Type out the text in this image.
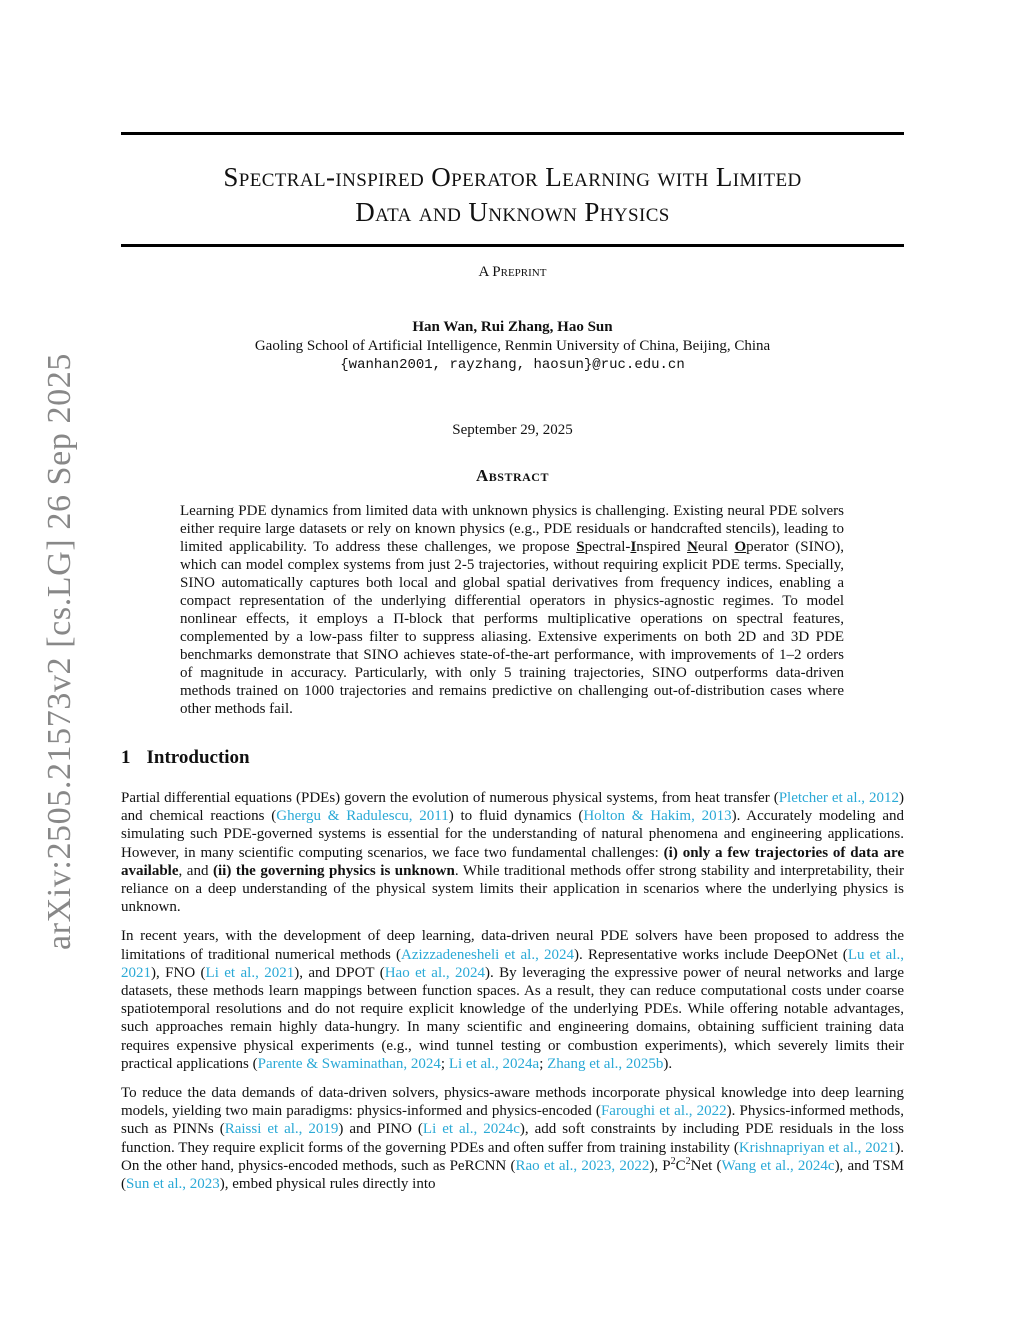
arXiv:2505.21573v2 [cs.LG] 26 Sep 2025
Spectral-inspired Operator Learning with Limited
Data and Unknown Physics
A Preprint
Han Wan, Rui Zhang, Hao Sun
Gaoling School of Artificial Intelligence, Renmin University of China, Beijing, China
{wanhan2001, rayzhang, haosun}@ruc.edu.cn
September 29, 2025
Abstract
Learning PDE dynamics from limited data with unknown physics is challenging. Existing neural PDE solvers either require large datasets or rely on known physics (e.g., PDE residuals or handcrafted stencils), leading to limited applicability. To address these challenges, we propose Spectral-Inspired Neural Operator (SINO), which can model complex systems from just 2-5 trajectories, without requiring explicit PDE terms. Specially, SINO automatically captures both local and global spatial derivatives from frequency indices, enabling a compact representation of the underlying differential operators in physics-agnostic regimes. To model nonlinear effects, it employs a Π-block that performs multiplicative operations on spectral features, complemented by a low-pass filter to suppress aliasing. Extensive experiments on both 2D and 3D PDE benchmarks demonstrate that SINO achieves state-of-the-art performance, with improvements of 1–2 orders of magnitude in accuracy. Particularly, with only 5 training trajectories, SINO outperforms data-driven methods trained on 1000 trajectories and remains predictive on challenging out-of-distribution cases where other methods fail.
1 Introduction

Partial differential equations (PDEs) govern the evolution of numerous physical systems, from heat transfer (Pletcher et al., 2012) and chemical reactions (Ghergu & Radulescu, 2011) to fluid dynamics (Holton & Hakim, 2013). Accurately modeling and simulating such PDE-governed systems is essential for the understanding of natural phenomena and engineering applications. However, in many scientific computing scenarios, we face two fundamental challenges: (i) only a few trajectories of data are available, and (ii) the governing physics is unknown. While traditional methods offer strong stability and interpretability, their reliance on a deep understanding of the physical system limits their application in scenarios where the underlying physics is unknown.

In recent years, with the development of deep learning, data-driven neural PDE solvers have been proposed to address the limitations of traditional numerical methods (Azizzadenesheli et al., 2024). Representative works include DeepONet (Lu et al., 2021), FNO (Li et al., 2021), and DPOT (Hao et al., 2024). By leveraging the expressive power of neural networks and large datasets, these methods learn mappings between function spaces. As a result, they can reduce computational costs under coarse spatiotemporal resolutions and do not require explicit knowledge of the underlying PDEs. While offering notable advantages, such approaches remain highly data-hungry. In many scientific and engineering domains, obtaining sufficient training data requires expensive physical experiments (e.g., wind tunnel testing or combustion experiments), which severely limits their practical applications (Parente & Swaminathan, 2024; Li et al., 2024a; Zhang et al., 2025b).

To reduce the data demands of data-driven solvers, physics-aware methods incorporate physical knowledge into deep learning models, yielding two main paradigms: physics-informed and physics-encoded (Faroughi et al., 2022). Physics-informed methods, such as PINNs (Raissi et al., 2019) and PINO (Li et al., 2024c), add soft constraints by including PDE residuals in the loss function. They require explicit forms of the governing PDEs and often suffer from training instability (Krishnapriyan et al., 2021). On the other hand, physics-encoded methods, such as PeRCNN (Rao et al., 2023, 2022), $P^2C^2Net$ (Wang et al., 2024c), and TSM (Sun et al., 2023), embed physical rules directly into
